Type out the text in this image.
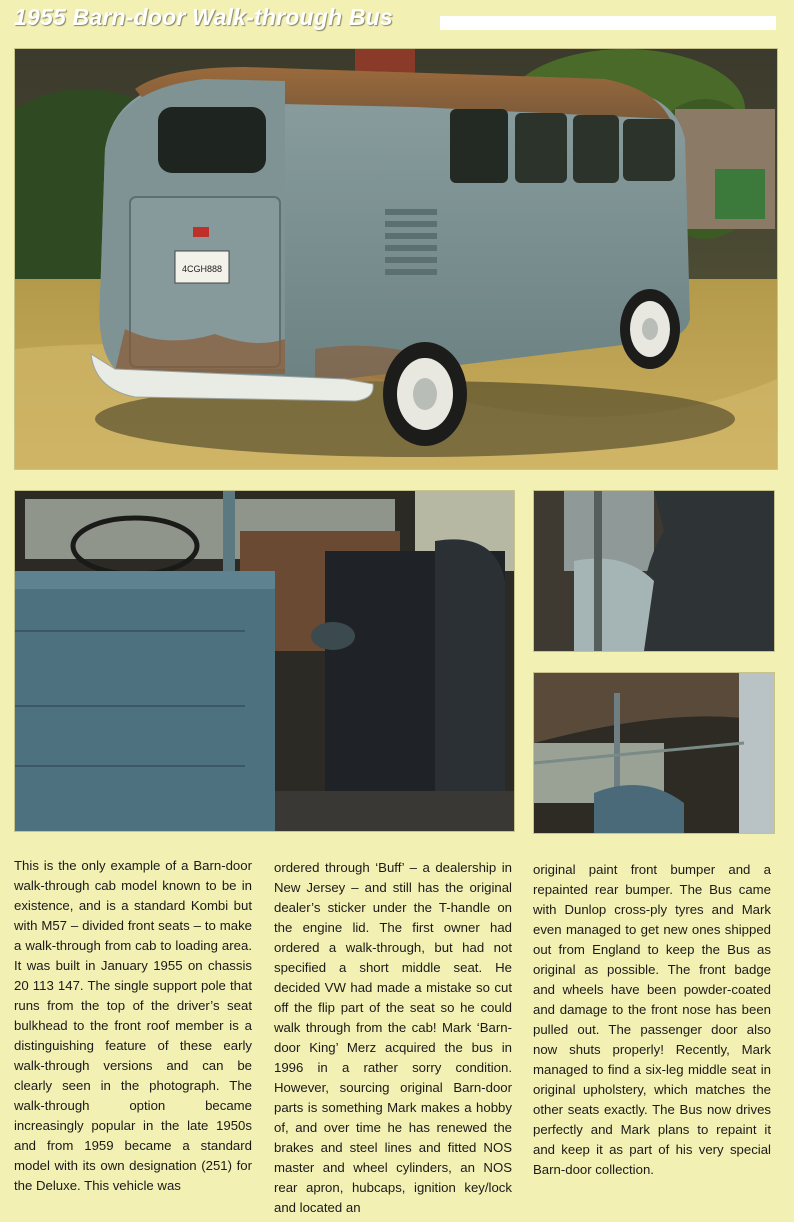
1955 Barn-door Walk-through Bus
4CGH888
This is the only example of a Barn-door walk-through cab model known to be in existence, and is a standard Kombi but with M57 – divided front seats – to make a walk-through from cab to loading area. It was built in January 1955 on chassis 20 113 147. The single support pole that runs from the top of the driver’s seat bulkhead to the front roof member is a distinguishing feature of these early walk-through versions and can be clearly seen in the photograph. The walk-through option became increasingly popular in the late 1950s and from 1959 became a standard model with its own designation (251) for the Deluxe. This vehicle was
ordered through ‘Buff’ – a dealership in New Jersey – and still has the original dealer’s sticker under the T-handle on the engine lid. The first owner had ordered a walk-through, but had not specified a short middle seat. He decided VW had made a mistake so cut off the flip part of the seat so he could walk through from the cab! Mark ‘Barn-door King’ Merz acquired the bus in 1996 in a rather sorry condition. However, sourcing original Barn-door parts is something Mark makes a hobby of, and over time he has renewed the brakes and steel lines and fitted NOS master and wheel cylinders, an NOS rear apron, hubcaps, ignition key/lock and located an
original paint front bumper and a repainted rear bumper. The Bus came with Dunlop cross-ply tyres and Mark even managed to get new ones shipped out from England to keep the Bus as original as possible. The front badge and wheels have been powder-coated and damage to the front nose has been pulled out. The passenger door also now shuts properly! Recently, Mark managed to find a six-leg middle seat in original upholstery, which matches the other seats exactly. The Bus now drives perfectly and Mark plans to repaint it and keep it as part of his very special Barn-door collection.
